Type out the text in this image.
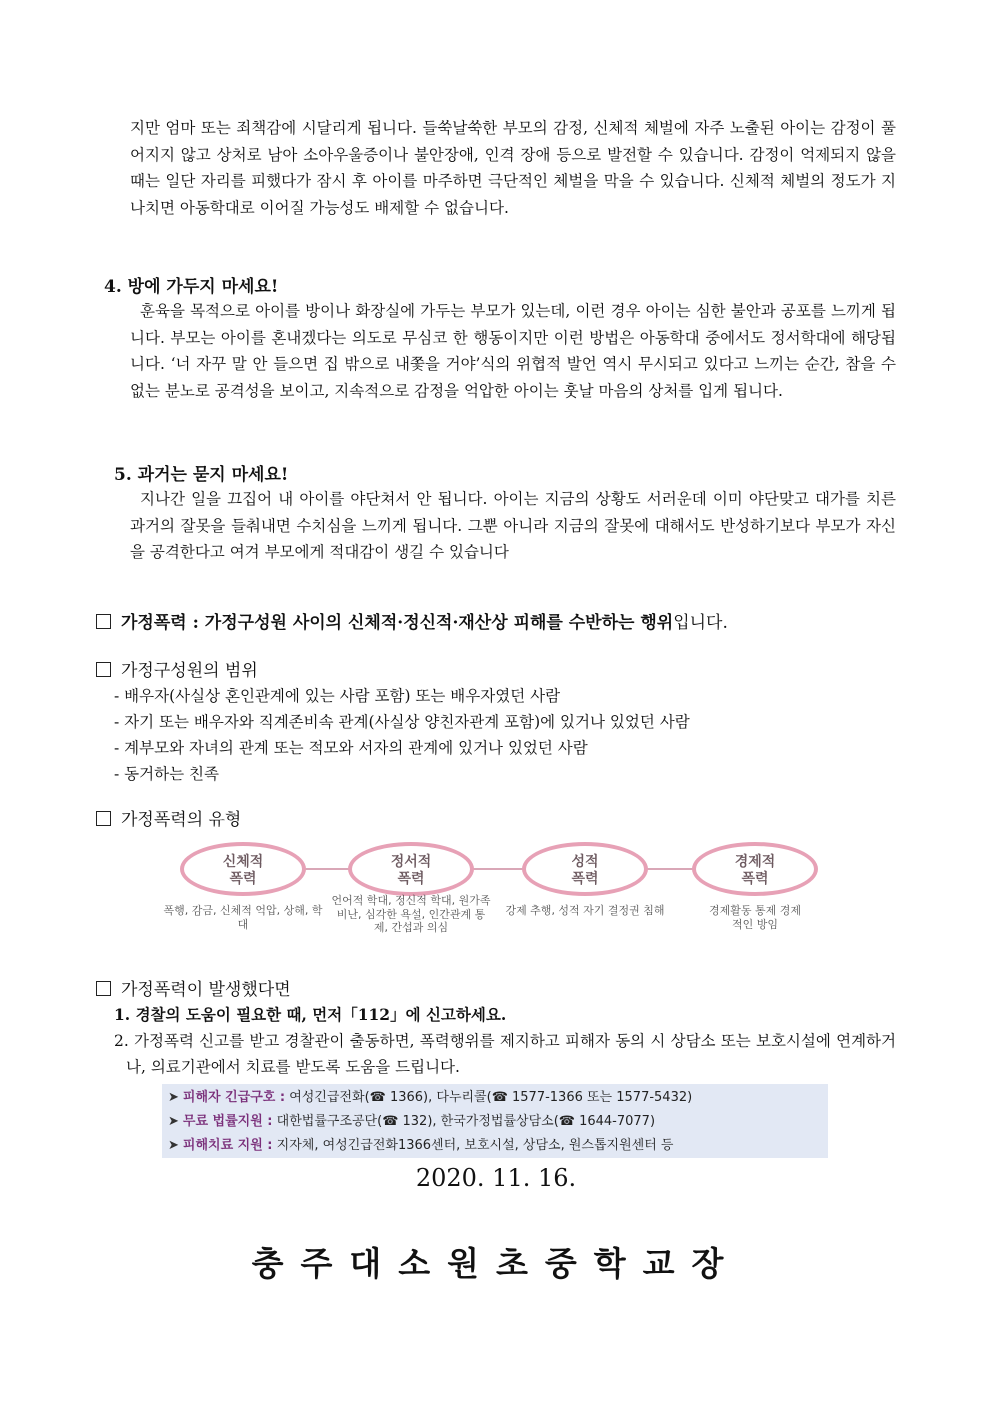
지만 엄마 또는 죄책감에 시달리게 됩니다. 들쑥날쑥한 부모의 감정, 신체적 체벌에 자주 노출된 아이는 감정이 풀어지지 않고 상처로 남아 소아우울증이나 불안장애, 인격 장애 등으로 발전할 수 있습니다. 감정이 억제되지 않을 때는 일단 자리를 피했다가 잠시 후 아이를 마주하면 극단적인 체벌을 막을 수 있습니다. 신체적 체벌의 정도가 지나치면 아동학대로 이어질 가능성도 배제할 수 없습니다.

4. 방에 가두지 마세요!

훈육을 목적으로 아이를 방이나 화장실에 가두는 부모가 있는데, 이런 경우 아이는 심한 불안과 공포를 느끼게 됩니다. 부모는 아이를 혼내겠다는 의도로 무심코 한 행동이지만 이런 방법은 아동학대 중에서도 정서학대에 해당됩니다. ‘너 자꾸 말 안 들으면 집 밖으로 내쫓을 거야’식의 위협적 발언 역시 무시되고 있다고 느끼는 순간, 참을 수 없는 분노로 공격성을 보이고, 지속적으로 감정을 억압한 아이는 훗날 마음의 상처를 입게 됩니다.

5. 과거는 묻지 마세요!

지나간 일을 끄집어 내 아이를 야단쳐서 안 됩니다. 아이는 지금의 상황도 서러운데 이미 야단맞고 대가를 치른 과거의 잘못을 들춰내면 수치심을 느끼게 됩니다. 그뿐 아니라 지금의 잘못에 대해서도 반성하기보다 부모가 자신을 공격한다고 여겨 부모에게 적대감이 생길 수 있습니다

가정폭력 : 가정구성원 사이의 신체적·정신적·재산상 피해를 수반하는 행위입니다.

가정구성원의 범위

- 배우자(사실상 혼인관계에 있는 사람 포함) 또는 배우자였던 사람
- 자기 또는 배우자와 직계존비속 관계(사실상 양친자관계 포함)에 있거나 있었던 사람
- 계부모와 자녀의 관계 또는 적모와 서자의 관계에 있거나 있었던 사람
- 동거하는 친족

가정폭력의 유형

신체적
폭력
폭행, 감금, 신체적 억압, 상해, 학대
정서적
폭력
언어적 학대, 정신적 학대, 원가족 비난, 심각한 욕설, 인간관계 통제, 간섭과 의심
성적
폭력
강제 추행, 성적 자기 결정권 침해
경제적
폭력
경제활동 통제 경제적인 방임

가정폭력이 발생했다면

1. 경찰의 도움이 필요한 때, 먼저「112」에 신고하세요.
2. 가정폭력 신고를 받고 경찰관이 출동하면, 폭력행위를 제지하고 피해자 동의 시 상담소 또는 보호시설에 연계하거나, 의료기관에서 치료를 받도록 도움을 드립니다.
➤ 피해자 긴급구호 : 여성긴급전화(☎ 1366), 다누리콜(☎ 1577-1366 또는 1577-5432)
➤ 무료 법률지원 : 대한법률구조공단(☎ 132), 한국가정법률상담소(☎ 1644-7077)
➤ 피해치료 지원 : 지자체, 여성긴급전화1366센터, 보호시설, 상담소, 원스톱지원센터 등
2020. 11. 16.
충주대소원초중학교장
